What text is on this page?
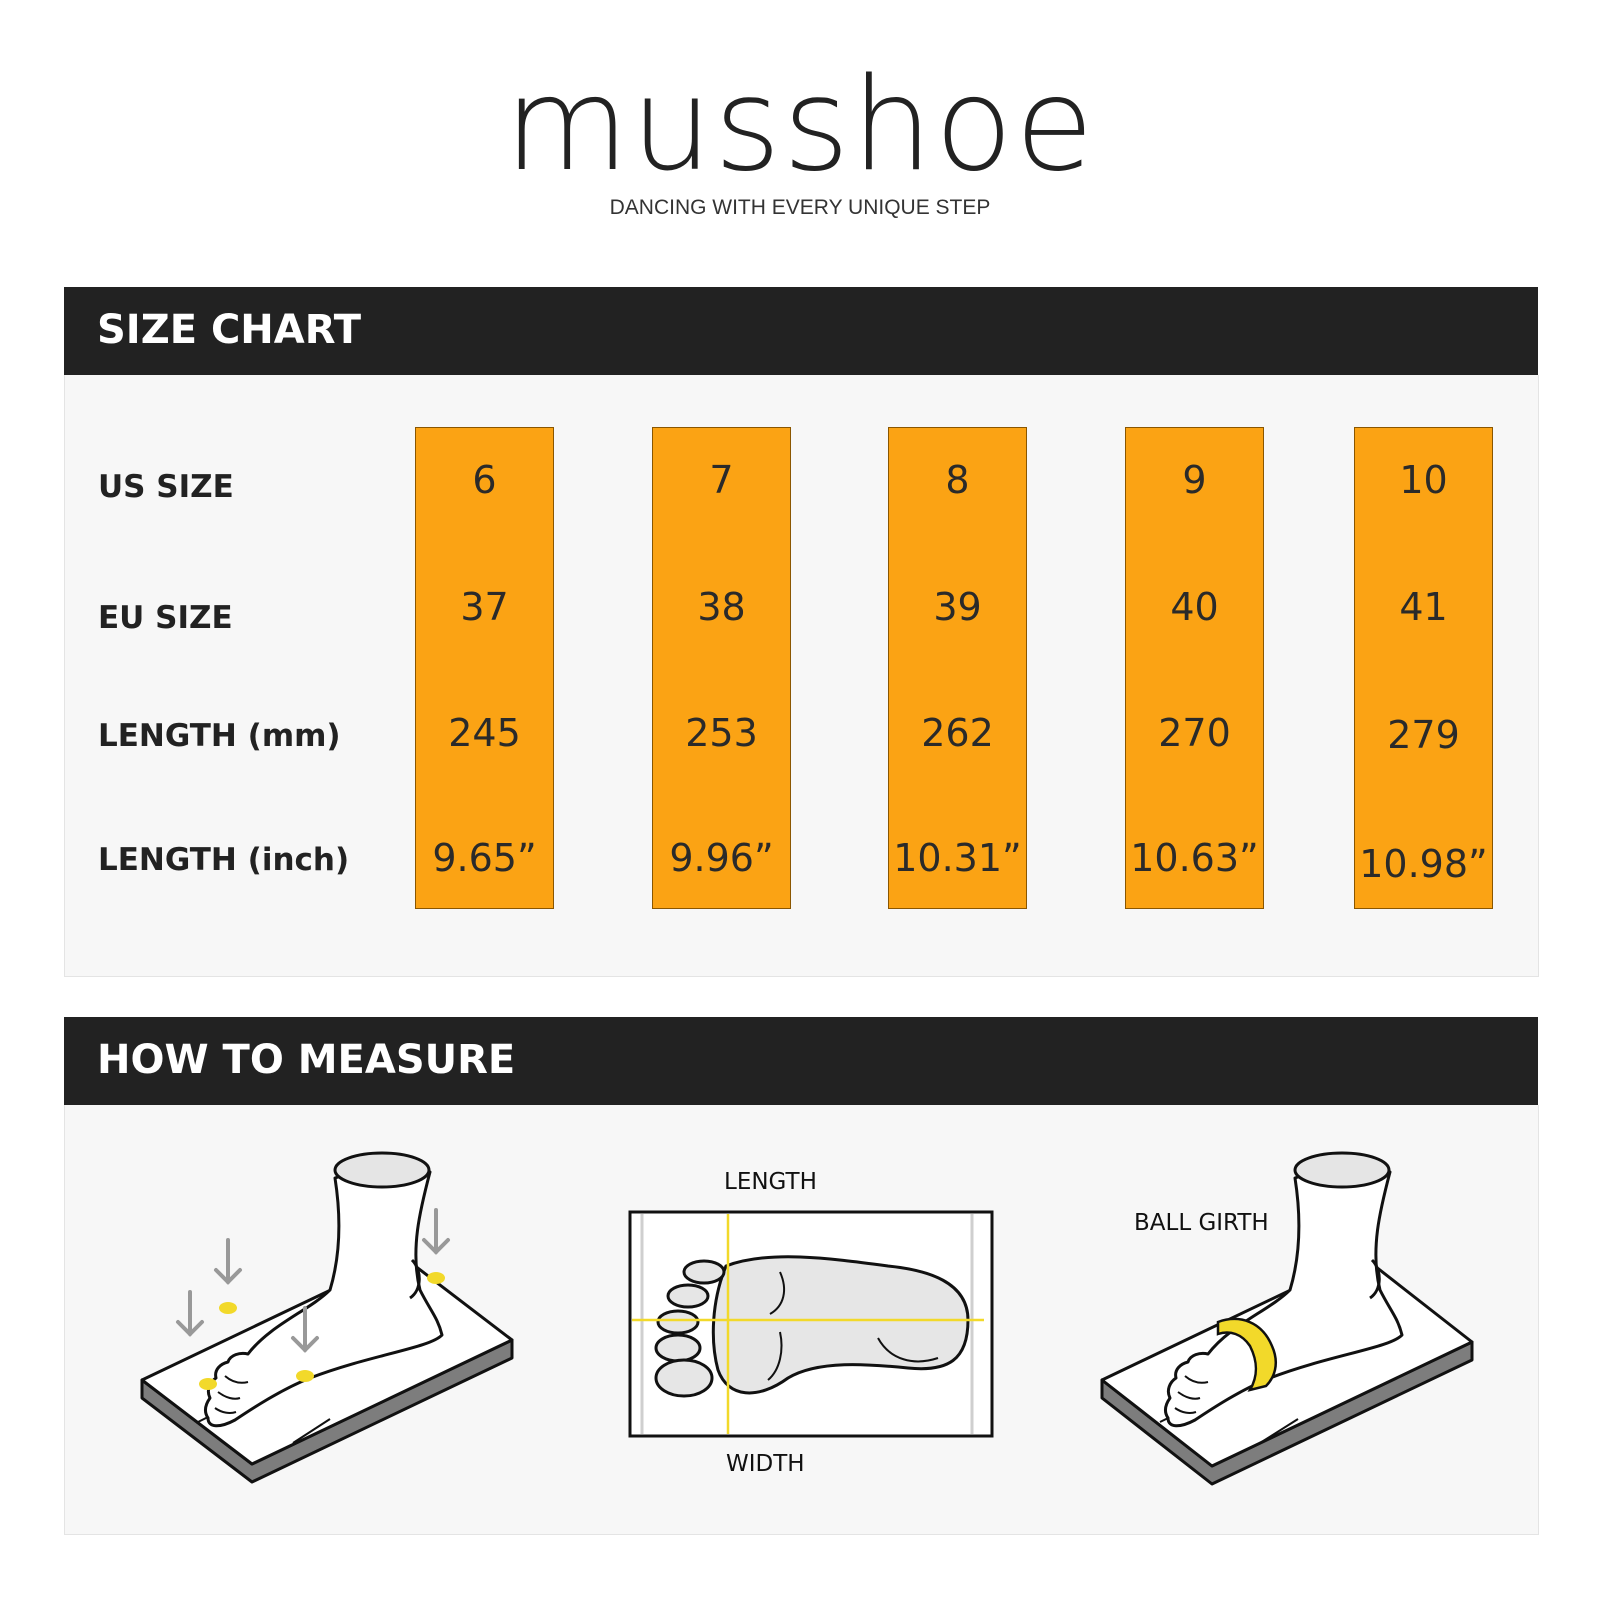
musshoe
DANCING WITH EVERY UNIQUE STEP
SIZE CHART
US SIZE
EU SIZE
LENGTH (mm)
LENGTH (inch)
6
37
245
9.65”
7
38
253
9.96”
8
39
262
10.31”
9
40
270
10.63”
10
41
279
10.98”
HOW TO MEASURE
LENGTH
WIDTH
BALL GIRTH
